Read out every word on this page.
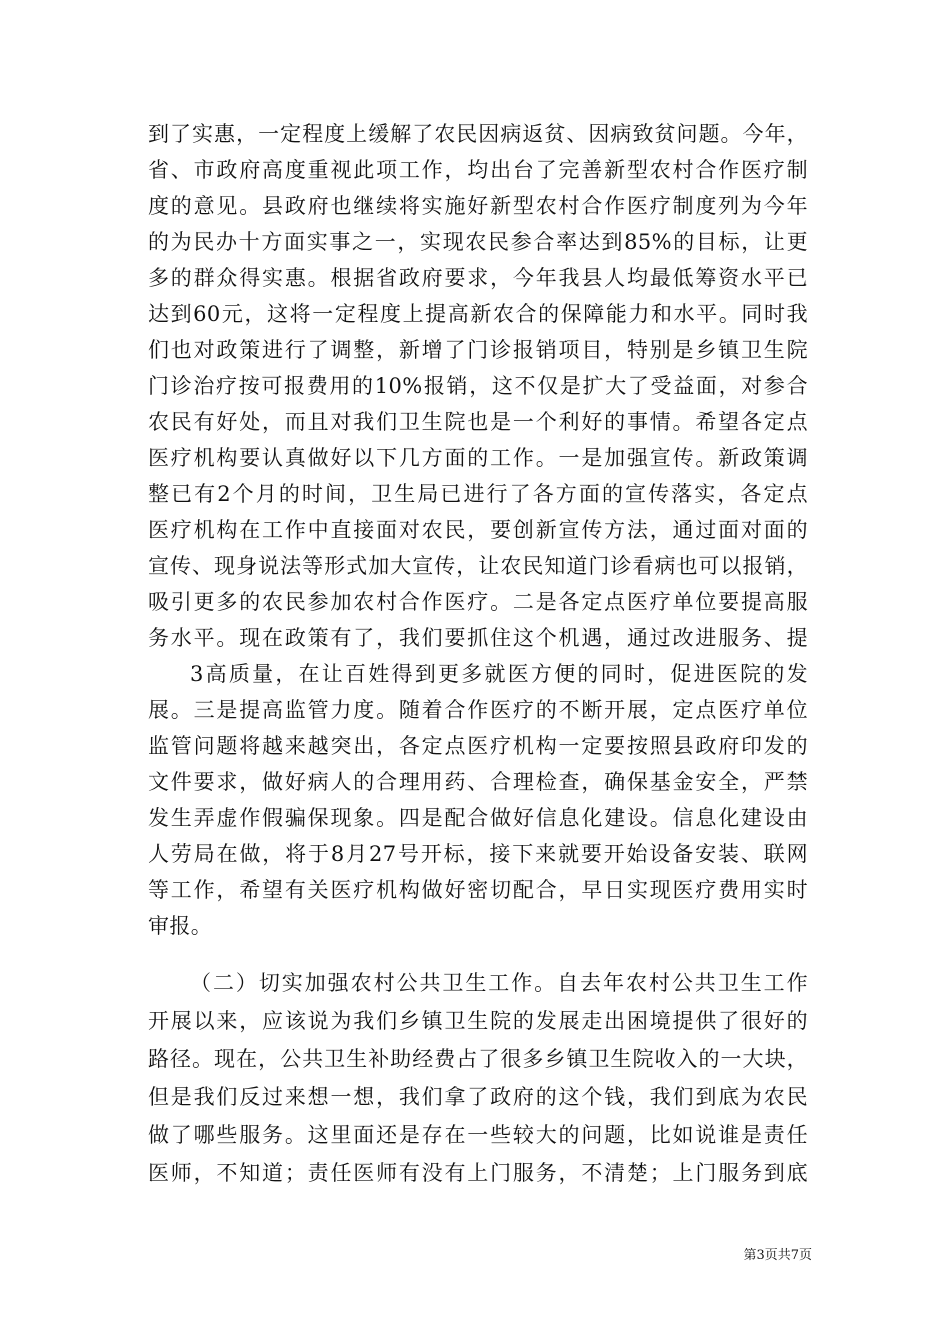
到了实惠，一定程度上缓解了农民因病返贫、因病致贫问题。今年，
省、市政府高度重视此项工作，均出台了完善新型农村合作医疗制
度的意见。县政府也继续将实施好新型农村合作医疗制度列为今年
的为民办十方面实事之一，实现农民参合率达到85%的目标，让更
多的群众得实惠。根据省政府要求，今年我县人均最低筹资水平已
达到60元，这将一定程度上提高新农合的保障能力和水平。同时我
们也对政策进行了调整，新增了门诊报销项目，特别是乡镇卫生院
门诊治疗按可报费用的10%报销，这不仅是扩大了受益面，对参合
农民有好处，而且对我们卫生院也是一个利好的事情。希望各定点
医疗机构要认真做好以下几方面的工作。一是加强宣传。新政策调
整已有2个月的时间，卫生局已进行了各方面的宣传落实，各定点
医疗机构在工作中直接面对农民，要创新宣传方法，通过面对面的
宣传、现身说法等形式加大宣传，让农民知道门诊看病也可以报销，
吸引更多的农民参加农村合作医疗。二是各定点医疗单位要提高服
务水平。现在政策有了，我们要抓住这个机遇，通过改进服务、提
3高质量，在让百姓得到更多就医方便的同时，促进医院的发
展。三是提高监管力度。随着合作医疗的不断开展，定点医疗单位
监管问题将越来越突出，各定点医疗机构一定要按照县政府印发的
文件要求，做好病人的合理用药、合理检查，确保基金安全，严禁
发生弄虚作假骗保现象。四是配合做好信息化建设。信息化建设由
人劳局在做，将于8月27号开标，接下来就要开始设备安装、联网
等工作，希望有关医疗机构做好密切配合，早日实现医疗费用实时
审报。
（二）切实加强农村公共卫生工作。自去年农村公共卫生工作
开展以来，应该说为我们乡镇卫生院的发展走出困境提供了很好的
路径。现在，公共卫生补助经费占了很多乡镇卫生院收入的一大块，
但是我们反过来想一想，我们拿了政府的这个钱，我们到底为农民
做了哪些服务。这里面还是存在一些较大的问题，比如说谁是责任
医师，不知道；责任医师有没有上门服务，不清楚；上门服务到底
第3页共7页
